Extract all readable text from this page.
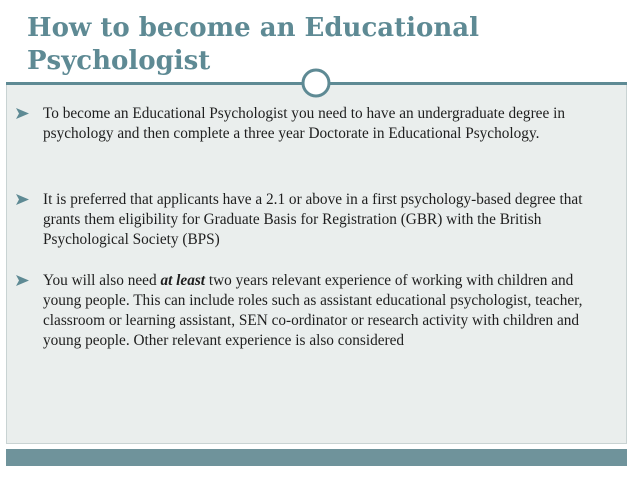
How to become an Educational Psychologist

To become an Educational Psychologist you need to have an undergraduate degree in psychology and then complete a three year Doctorate in Educational Psychology.

It is preferred that applicants have a 2.1 or above in a first psychology-based degree that grants them eligibility for Graduate Basis for Registration (GBR) with the British Psychological Society (BPS)

You will also need at least two years relevant experience of working with children and young people. This can include roles such as assistant educational psychologist, teacher, classroom or learning assistant, SEN co-ordinator or research activity with children and young people. Other relevant experience is also considered
